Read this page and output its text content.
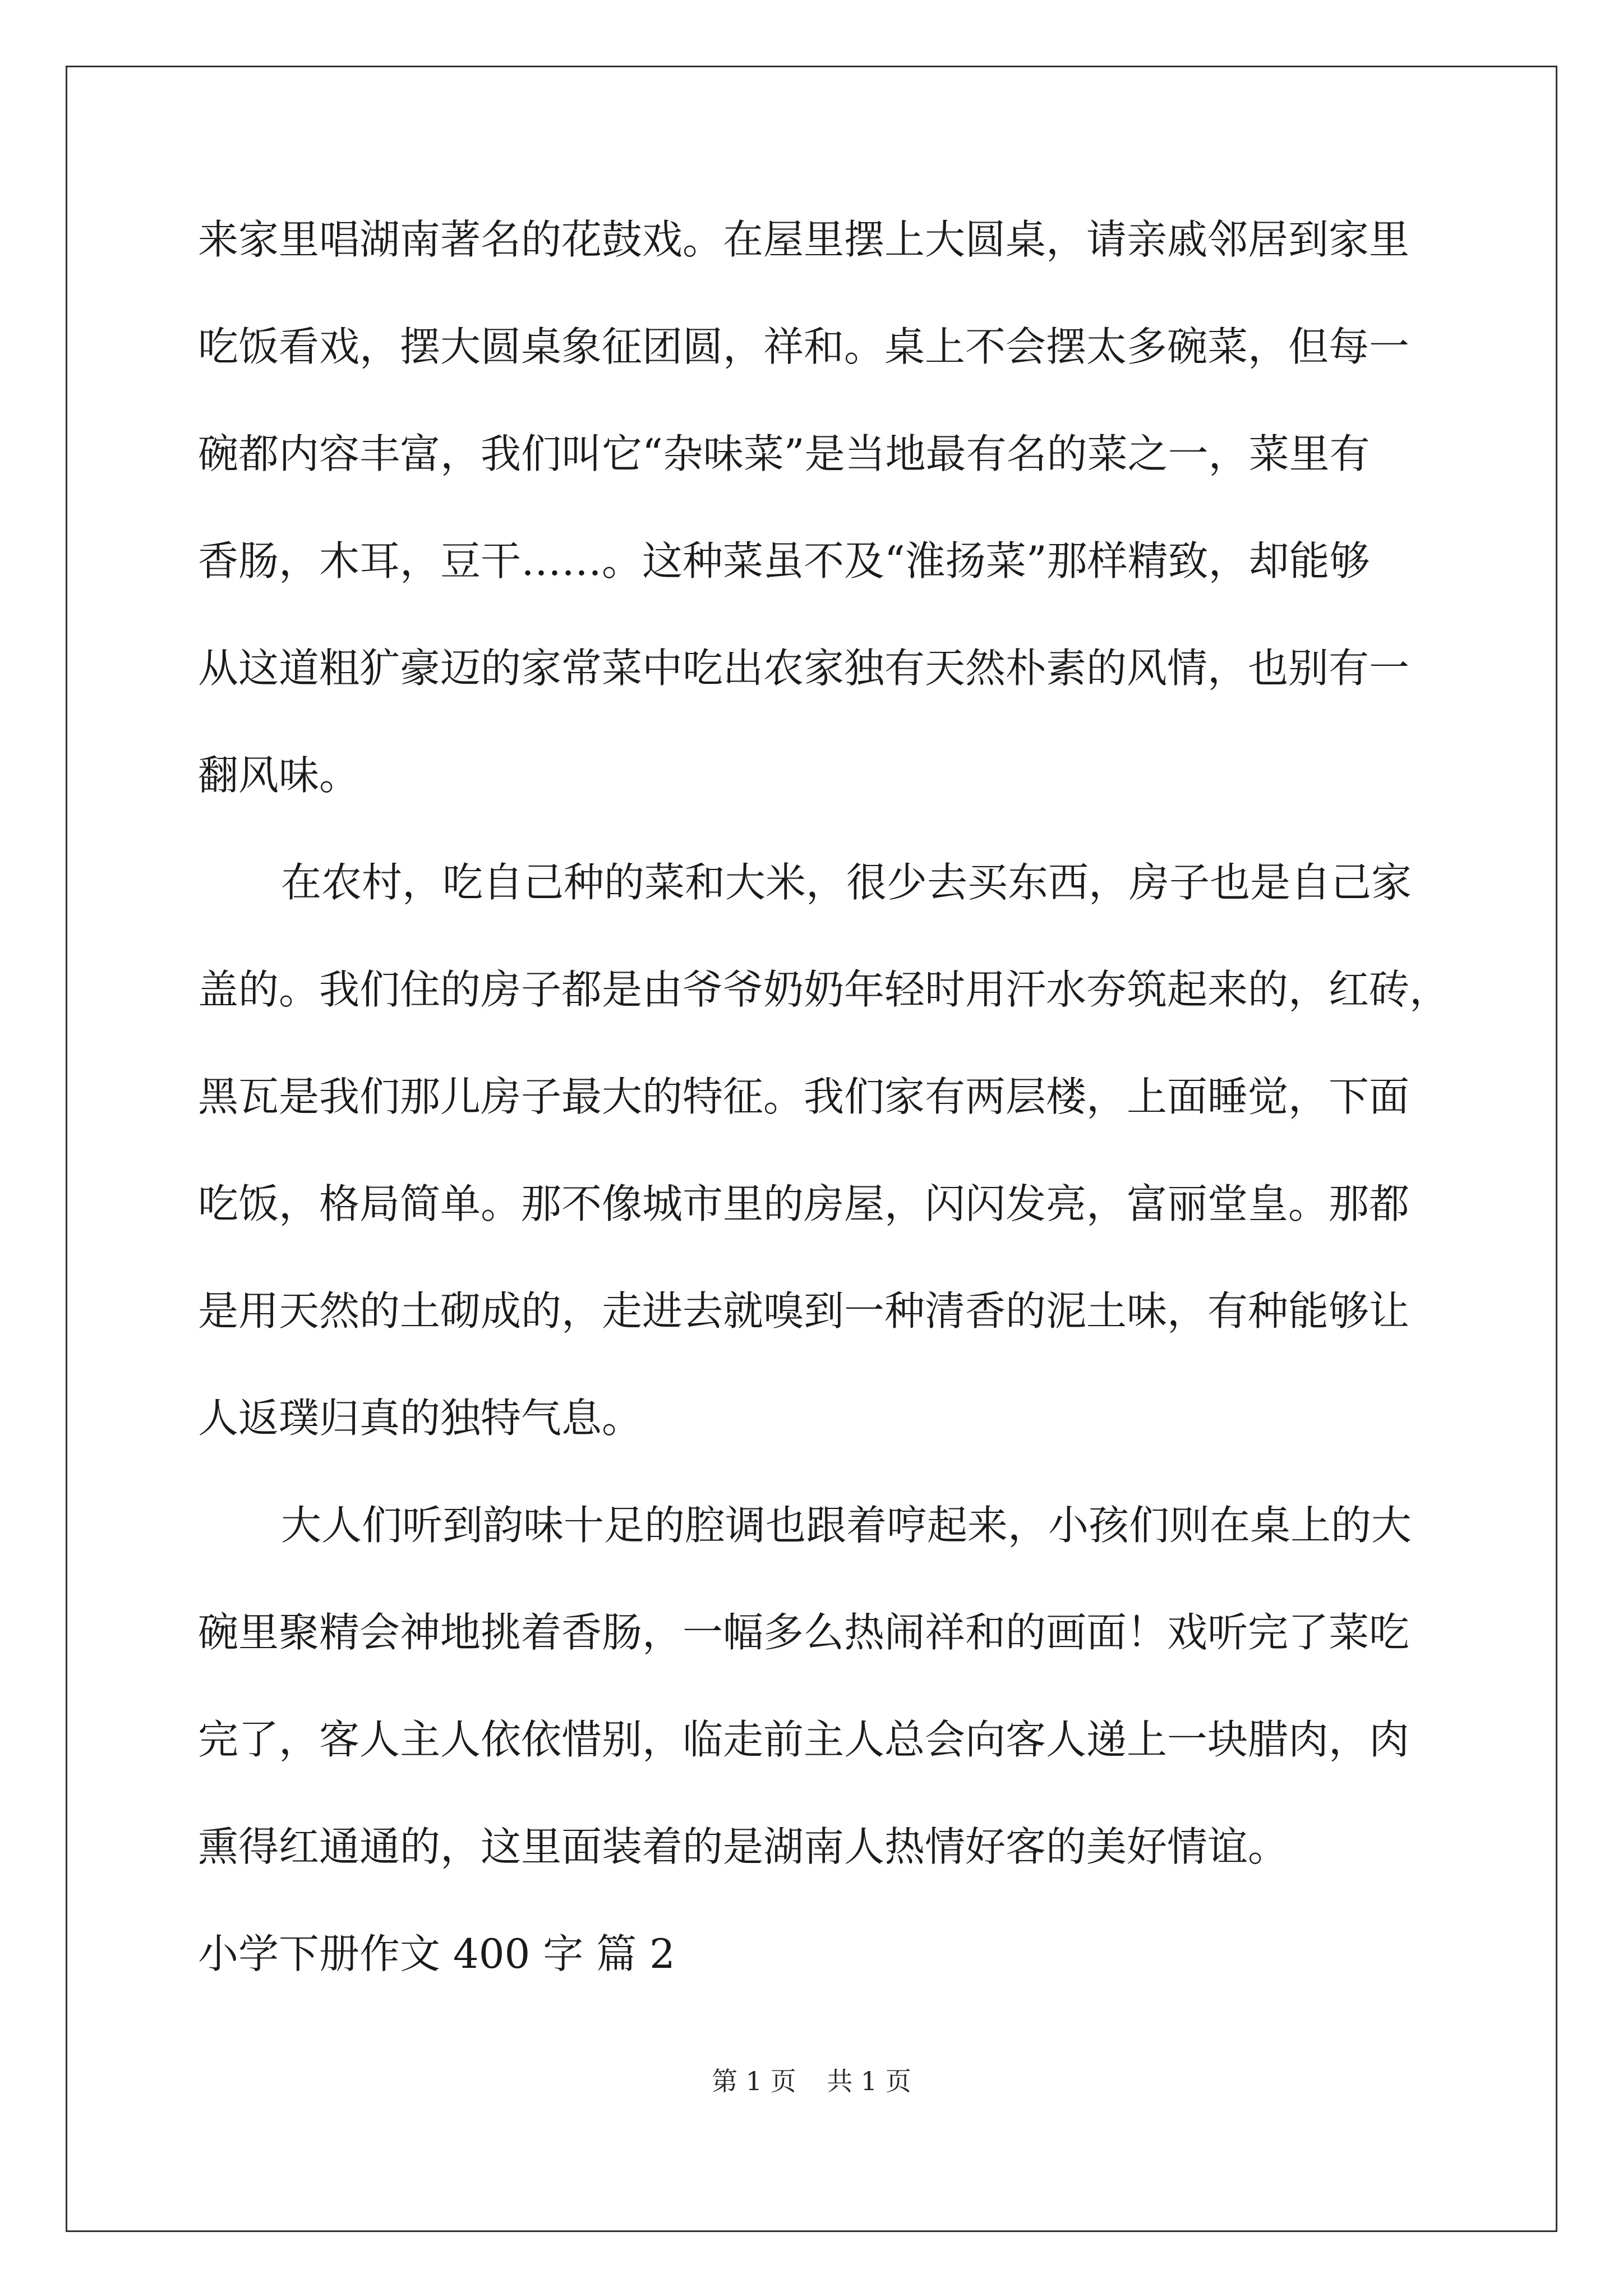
来家里唱湖南著名的花鼓戏。在屋里摆上大圆桌，请亲戚邻居到家里
吃饭看戏，摆大圆桌象征团圆，祥和。桌上不会摆太多碗菜，但每一
碗都内容丰富，我们叫它“杂味菜”是当地最有名的菜之一，菜里有
香肠，木耳，豆干……。这种菜虽不及“淮扬菜”那样精致，却能够
从这道粗犷豪迈的家常菜中吃出农家独有天然朴素的风情，也别有一
翻风味。
在农村，吃自己种的菜和大米，很少去买东西，房子也是自己家
盖的。我们住的房子都是由爷爷奶奶年轻时用汗水夯筑起来的，红砖，
黑瓦是我们那儿房子最大的特征。我们家有两层楼，上面睡觉，下面
吃饭，格局简单。那不像城市里的房屋，闪闪发亮，富丽堂皇。那都
是用天然的土砌成的，走进去就嗅到一种清香的泥土味，有种能够让
人返璞归真的独特气息。
大人们听到韵味十足的腔调也跟着哼起来，小孩们则在桌上的大
碗里聚精会神地挑着香肠，一幅多么热闹祥和的画面！戏听完了菜吃
完了，客人主人依依惜别，临走前主人总会向客人递上一块腊肉，肉
熏得红通通的，这里面装着的是湖南人热情好客的美好情谊。
小学下册作文 400 字 篇 2
第 1 页 共 1 页
